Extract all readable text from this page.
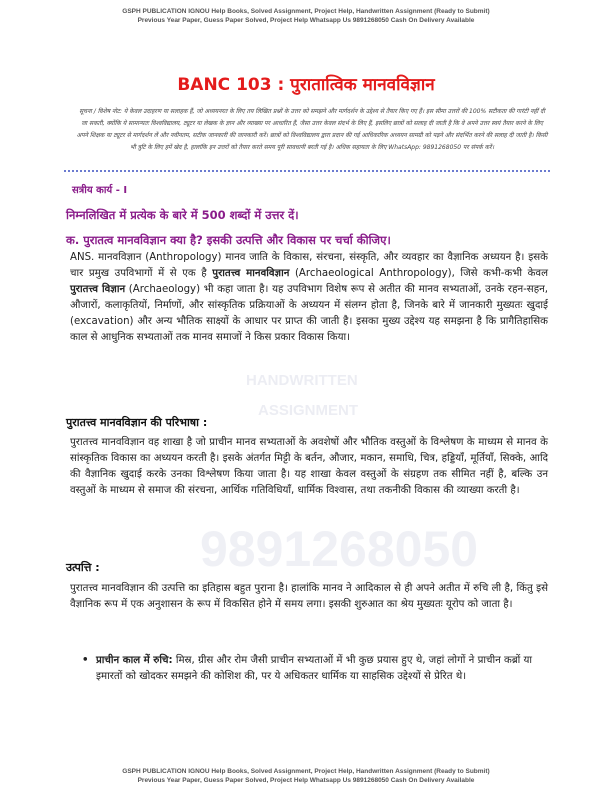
HANDWRITTEN
ASSIGNMENT
9891268050
GSPH PUBLICATION IGNOU Help Books, Solved Assignment, Project Help, Handwritten Assignment (Ready to Submit)
Previous Year Paper, Guess Paper Solved, Project Help Whatsapp Us 9891268050 Cash On Delivery Available
BANC 103 : पुरातात्विक मानवविज्ञान
सूचना / विशेष नोट: ये केवल उदाहरण या सलाहक हैं, जो अध्ययनरत के लिए तय लिखित प्रश्नों के उत्तर को समझने और मार्गदर्शन के उद्देश्य से तैयार किए गए हैं। इस सीमा उत्तरों की 100% सटीकता की गारंटी नहीं दी जा सकती, क्योंकि ये सामान्यतः विश्वविद्यालय, ट्यूटर या लेखक के ज्ञान और व्याख्या पर आधारित हैं, जैसा उत्तर केवल संदर्भ के लिए हैं, इसलिए छात्रों को सलाह दी जाती है कि वे अपने उत्तर स्वयं तैयार करने के लिए अपने शिक्षक या ट्यूटर से मार्गदर्शन लें और नवीनतम, सटीक जानकारी की जानकारी करें। छात्रों को विश्वविद्यालय द्वारा प्रदान की गई आधिकारिक अध्ययन सामग्री को पढ़ने और संदर्भित करने की सलाह दी जाती है। किसी भी त्रुटि के लिए हमें खेद है, हालांकि इन उत्तरों को तैयार करते समय पूरी सावधानी बरती गई है। अधिक सहायता के लिए WhatsApp: 9891268050 पर संपर्क करें।
सत्रीय कार्य - I
निम्नलिखित में प्रत्येक के बारे में 500 शब्दों में उत्तर दें।
क. पुरातत्व मानवविज्ञान क्या है? इसकी उत्पत्ति और विकास पर चर्चा कीजिए।
ANS. मानवविज्ञान (Anthropology) मानव जाति के विकास, संरचना, संस्कृति, और व्यवहार का वैज्ञानिक अध्ययन है। इसके चार प्रमुख उपविभागों में से एक है पुरातत्त्व मानवविज्ञान (Archaeological Anthropology), जिसे कभी-कभी केवल पुरातत्त्व विज्ञान (Archaeology) भी कहा जाता है। यह उपविभाग विशेष रूप से अतीत की मानव सभ्यताओं, उनके रहन-सहन, औजारों, कलाकृतियों, निर्माणों, और सांस्कृतिक प्रक्रियाओं के अध्ययन में संलग्न होता है, जिनके बारे में जानकारी मुख्यतः खुदाई (excavation) और अन्य भौतिक साक्ष्यों के आधार पर प्राप्त की जाती है। इसका मुख्य उद्देश्य यह समझना है कि प्रागैतिहासिक काल से आधुनिक सभ्यताओं तक मानव समाजों ने किस प्रकार विकास किया।
पुरातत्त्व मानवविज्ञान की परिभाषा :
पुरातत्त्व मानवविज्ञान वह शाखा है जो प्राचीन मानव सभ्यताओं के अवशेषों और भौतिक वस्तुओं के विश्लेषण के माध्यम से मानव के सांस्कृतिक विकास का अध्ययन करती है। इसके अंतर्गत मिट्टी के बर्तन, औजार, मकान, समाधि, चित्र, हड्डियाँ, मूर्तियाँ, सिक्के, आदि की वैज्ञानिक खुदाई करके उनका विश्लेषण किया जाता है। यह शाखा केवल वस्तुओं के संग्रहण तक सीमित नहीं है, बल्कि उन वस्तुओं के माध्यम से समाज की संरचना, आर्थिक गतिविधियाँ, धार्मिक विश्वास, तथा तकनीकी विकास की व्याख्या करती है।
उत्पत्ति :
पुरातत्त्व मानवविज्ञान की उत्पत्ति का इतिहास बहुत पुराना है। हालांकि मानव ने आदिकाल से ही अपने अतीत में रुचि ली है, किंतु इसे वैज्ञानिक रूप में एक अनुशासन के रूप में विकसित होने में समय लगा। इसकी शुरुआत का श्रेय मुख्यतः यूरोप को जाता है।
• प्राचीन काल में रुचि: मिस्र, ग्रीस और रोम जैसी प्राचीन सभ्यताओं में भी कुछ प्रयास हुए थे, जहां लोगों ने प्राचीन कब्रों या इमारतों को खोदकर समझने की कोशिश की, पर ये अधिकतर धार्मिक या साहसिक उद्देश्यों से प्रेरित थे।
GSPH PUBLICATION IGNOU Help Books, Solved Assignment, Project Help, Handwritten Assignment (Ready to Submit)
Previous Year Paper, Guess Paper Solved, Project Help Whatsapp Us 9891268050 Cash On Delivery Available
